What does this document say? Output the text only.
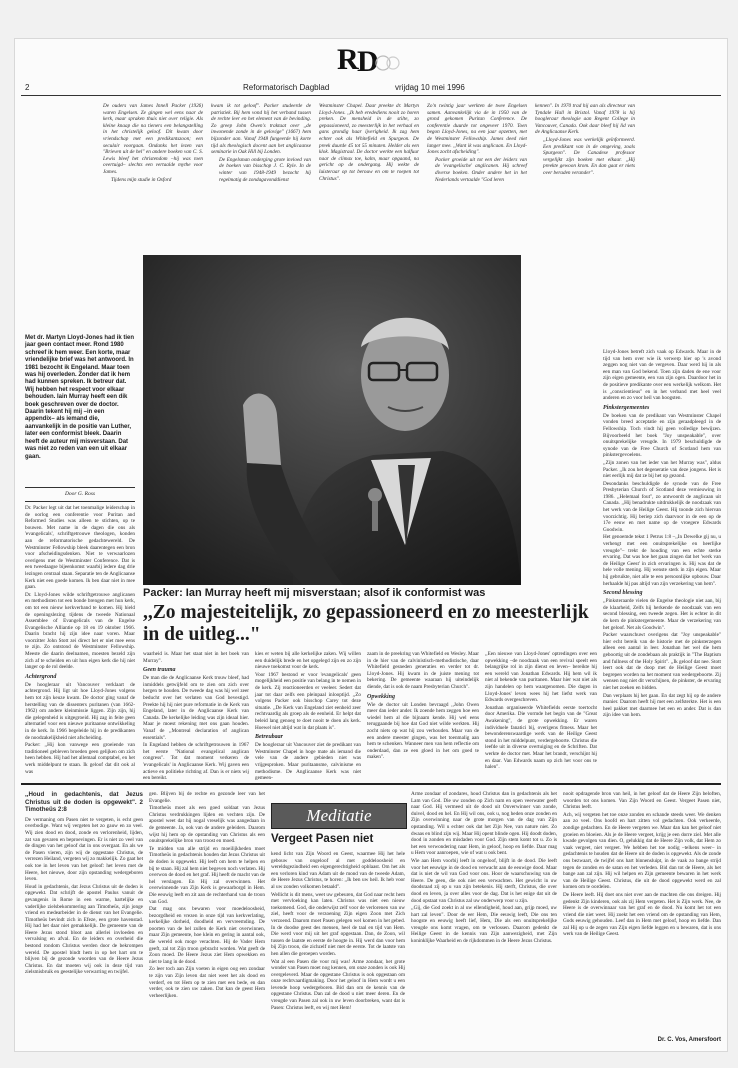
R
D
2	Reformatorisch Dagblad	vrijdag 10 mei 1996

De ouders van James Innell Packer (1926) waren Engelsen. Ze gingen wel eens naar de kerk, maar spraken thuis niet over religie. Als kleine knaap die na tieners een belangstelling in het christelijk geloof. Dit kwam door vriendschap met een predikantszoon; een seculair voorgaan. Ondanks het lezen van "Brieven uit de hel" en andere boeken van C. S. Lewis bleef het christendom –hij was toen overtuigd– slechts een vertaalde mythe voor James.

Tijdens mijn studie in Oxford

kwam ik tot geloof". Packer studeerde de patristiek. Bij hem vond hij het verband tussen de rechte leer en het element van de bevinding. Zo greep John Owen's traktaat over ,,de inwonende zonde in de gelovige" (1667) hem bijzonder aan. Vanaf 1948 fungeerde hij korte tijd als theologisch docent aan het anglicaanse seminarie in Oak Hill bij Londen.

De Engelsman onderging grote invloed van de boeken van bisschop J. C. Ryle. In de winter van 1948-1949 bezocht hij regelmatig de zondagavonddienst

Westminster Chapel. Daar preekte dr. Martyn Lloyd-Jones. ,,Ik heb eredediens nooit zo horen preken. De mensheid in de stilte, zo gepassioneerd, zo meesterlijk in het verhaal en gans grondig haar ijverigheid. Ik zag hem echter ook als Whitefield en Spurgeon. De preek duurde 45 tot 55 minuten. Helder als een klok. Magistraal. De doctor werkte een halfuur naar de climax toe, kalm, maar opgaand, na gericht op de ondergang. Hij wekte de luisteraar op tot berouw en om te roepen tot Christus".

Zo'n twintig jaar werkten de twee Engelsen samen. Aanvankelijk via de in 1950 van de grond gekomen Puritan Conference. De conferentie duurde tot ongeveer 1970. Toen begon Lloyd-Jones, na een jaar opzetten, met de Westminster Fellowship. James deed niet langer mee. ,,Want ik was anglicaan. En Lloyd-Jones zocht afscheiding".

Packer groeide uit tot een der leiders van de 'evangelische' anglicanen. Hij schreef diverse boeken. Onder andere het in het Nederlands vertaalde "God leren

kennen". In 1970 trad hij aan als directeur van Tyndale Hall in Bristol. Vanaf 1978 is hij hoogleraar theologie aan Regent College in Vancouver, Canada. Ook daar bleef hij lid van de Anglicaanse Kerk.

,,Lloyd-Jones was werkelijk geïnformeerd. Een predikant van in de omgeving, zoals Spurgeon". De Canadese professor vergelijkt zijn boeken met elkaar. ,,Hij preekte gewoon krom. En dan gaat er niets over beraden verander".

Met dr. Martyn Lloyd-Jones had ik tien jaar geen contact meer. Rond 1980 schreef ik hem weer. Een korte, maar vriendelijke brief was het antwoord. In 1981 bezocht ik Engeland. Maar toen was hij overleden. Zonder dat ik hem had kunnen spreken. Ik betreur dat. Wij hebben het respect voor elkaar behouden. Iain Murray heeft een dik boek geschreven over de doctor. Daarin tekent hij mij –in een appendix– als iemand die, aanvankelijk in de positie van Luther, later een conformist bleek. Daarin heeft de auteur mij misverstaan. Dat was niet zo reden van een uit elkaar gaan.
Door G. Ross

Dr. Packer legt uit dat het toenmalige leiderschap in de oorlog een conferentie voor Puritan and Reformed Studies was alleen te stichten, op te bouwen. Met name in de dagen die ons als 'evangelicals', schriftgetrouwe theologen, konden aan de reformatorische gedachtewereld. De Westminster Fellowship bleek daarentegen een bron voor afscheidingsdenken. Niet te verwaarlozen overigens met de Westminster Conference. Dat is een tweedaagse bijeenkomst waarbij iedere dag drie lezingen centraal staan. Separatie ten de Anglicaanse Kerk niet een goede komen. Ik ben daar niet in mee gaan.

Dr. Lloyd-Jones wilde schriftgetrouwe anglicanen en methodisten tot een bonde brengen met hun kerk, om tot een nieuw kerkverband te komen. Hij hield de openingslezing tijdens de tweede Nationaal Assemblee of Evangelicals van de Engelse Evangelische Alliantie op 18 en 19 oktober 1966. Daarin bracht hij zijn idee naar voren. Maar voorzitter John Stott zei direct het er niet mee eens te zijn. Zo ontstond de Westminster Fellowship. Meeste die daarin deelnamen, moesten bezeld zijn zich af te scheiden en uit hun eigen kerk die hij niet langer op de rol deelde.

Achtergrond

De hoogleraar uit Vancouver verklaart de achtergrond. Hij ligt uit hoe Lloyd-Jones volgens hem tot zijn keuze kwam. De doctor ging vanaf de herstelling van de dissenters puritanen (van 1662-1962) om andere kleinmissie liggen. Zijn zijn, hij die gelegenheid is uitgegroeid. Hij zag in feite geen alternatief voor een nieuwe puritaanse ontwikkeling in de kerk. In 1966 begeleide hij in de predikanten de noodzakelijkheid niet afscheiding.

Packer: ,,Hij kon vanwege een groeiende van traditioneel gebleven broeden geen gelijken om zich heen hebben. Hij had het allemaal comptabel, en het werk middelpunt te staan. Ik geloof dat dit ook al was

Lloyd-Jones betreft zich vaak op Edwards. Maar in de tijd van hem over wie ik verwerp hier op 's avond zeggen nog niet van de vergeven. Daar werd hij in als een man van God bekend. Toen zijn daden de ene voor zijn eigen gemeente, een van zijn ogen. Daardoor het in de positieve predikante over een werkelijk welkom. Het is ,,conscientieus" en in het verband met heel veel anderen en zo voor heil van hoogsten.

Pinkstergemeentes

De boeken van de predikant van Westminster Chapel vonden breed acceptatie en zijn geraadpleegd in de Fellowship. Toch vindt hij geen volledige bewijzen. Bijvoorbeeld het boek "Joy unspeakable", over onuitsprekelijke vreugde. In 1979 beschuldigde de synode van de Free Church of Scotland hem van pinkstergevoelens.

,,Zijn zonen van het ieder van het Murray was", aldus Packer. ,,Ik zou het degeneratie van deze jongens. Het is niet eerlijk mij dat ze bij het op gezond.

Desondanks beschuldigde de synode van de Free Presbyterian Church of Scotland deze vernieuwing in 1986. ,,Helemaal fout", zo antwoordt de anglicaan uit Canada. ,,Hij benadrukte uitdrukkelijk de noodzaak van het werk van de Heilige Geest. Hij toonde zich hiervan voorzichtig. Hij beriep zich daarvoor in de een op de 17e eeuw en met name op de vroegere Edwards Goodwin.

Het genoemde tekst 1 Petrus 1:8 –,,In Dewelke gij nu, u verhengt met een onuitsprekelijke en heerlijke vreugde"– trekt de houding van een echte sterke ervaring. Dat was hoe het gaan zingen dat het 'werk van de Heilige Geest' in zich ervaringen is. Hij was dat de hele volle mening. Hij wenste sterk in zijn eigen. Maar hij gebruikte, niet alle te een persoonlijke opbouw. Daar herhaalde hij pas altijd van zijn verzekering van hem".

Second blessing

,,Pinksteraarde vielen de Engelse theologie niet aan, bij de klaarheid, Zelfs hij herkende de noodzaak van een second blessing, een tweede zegen. Het is echter in dit de kern de pinkstergemeente. Maar de verzekering van het geloof. Net als Goodwin".

Packer waarschuwt overigens dat "Joy unspeakable" hier echt bereik van de historie met de pinksterzegen alleen een aantal in leer. Jonathan het wel die hem geboortig uit de zondebaan als praktijk in "The Baptism and fullness of the Holy Spirit". ,,Ik geloof dat nee. Stott leert ook dat de doop met de Heilige Geest moet begrepen worden na het moment van wedergeboorte. Zij wensen nog niet dit verschijnen, de pinkster, de ervaring niet het zoeken en bidden.

Dan verplaats hij het gaan. En dat zegt hij op de andere manier. Daarom heeft hij met een zelfsterkte. Het is een heel pakket met daarmee het een en ander. Dat is dan zijn idee van hem.

Packer: Ian Murray heeft mij misverstaan; alsof ik conformist was
,,Zo majesteitelijk, zo gepassioneerd en zo meesterlijk in de uitleg..."

waarheid is. Maar het staat niet in het boek van Murray".

Geen trauma

De man die de Anglicaanse Kerk trouw bleef, had inmiddels getwijfeld om te zien om zich over hergen te houden. De tweede dag was hij wel zeer beducht over het verlaten van God bevestigd. Preekte hij hij niet pure reformatie in de Kerk van Engeland, later in de Anglicaanse Kerk van Canada. De kerkelijke leiding was zijn ideaal hier. Maar je moest rekening met ons gaan houden. Vanaf de ,,Montreal declaration of anglican essentials".

In Engeland hebben de schriftgetrouwen in 1967 het eerste "National evangelical anglican congress". Tot dat moment verkeren de 'evangelicals' in Anglicaanse Kerk. Wij gaven een actieve en politieke richting af. Dan is er niets wij een bereikt.

kies er weten bij alle kerkelijke zaken. Wij willen een duidelijk brede en het opgelegd zijn en zo zijn nieuwe toekomst voor de kerk.

Voor 1967 bestond er voor 'evangelicals' geen mogelijkheid een positie van belang in te nemen in de kerk. Zij reactioneerden er veeleer. Sedert dat jaar tot daar zelfs een pleinpaal inlooptijd. ,,Zo volgens Packer ook bisschop Carey tot deze situatie. ,,De Kerk van Engeland ziet eenheid zeer rechtvaardig als groep als de eenheid. Er helpt dat beleid lang genoeg te doet nooit te doen als kerk. Hoewel niet altijd wat in dat plaats is".

Betreubaar

De hoogleraar uit Vancouver ziet de predikant van Westminster Chapel in hoge mate als iemand die vele van de andere gebieden niet was vrijgesproken. Maar puritaansme, calvinisme en methodisme. De Anglicaanse Kerk was niet gemeen-

zaam in de preekring van Whitefield en Wesley. Maar in de hier van de calvinistisch-methodistische, daar Whitefield gesneden generaties en verder tot dr. Lloyd-Jones. Hij kwam in de juiste mening tot bekering. De gemeente waaraan hij uiteindelijk diende, dat is ook de naam Presbyterian Church".

Opwekking

Wie de doctor uit Londen bevraagd ,,John Owen meer dan ieder ander. Ik zoende hem zeggen hoe een wiedel hem al die bijnaam kende. Hij wel eens teruggaande bij hoe dat God niet wilde werkten. Hij zocht niets op wat hij zou verhouden. Maar van de een andere meester gingen, was het toenmalig aan hem te schenken. Wanneer men van hem reflectie om onderdaad, dan ze een gloed in het om goed te maken".

,,Een nieuwe van Lloyd-Jones' optredingen over een opwekking –de noodzaak van een revival speelt een belangrijke rol in zijn dienst en leven– bereikte hij een wereld van Jonathan Edwards. Hij hem wil ik niet al bekende van puritanen. Maar hier wat niet als zijn handelen op hem waargenomen. Die dagen in Lloyd-Jones' leven wees hij het liefst werk van Edwards overgeschreven.

Jonathan organiseerde Whitefields eerste toertocht door Amerika. Die vormde het begin van de "Great Awakening", de grote opwekking. Er waren individuele fanatici bij, overigens fitness. Maar het bewonderenswaardige werk van de Heilige Geest stond in het middelpunt, verdergeboorte. Christus die leefde uit in diverse overtuiging en de Schriften. Dat werkte de doctor met. Maar het brandt, verschijnt hij en daar. Van Edwards naam op zich het voor ons te halen".

,,Houd in gedachtenis, dat Jezus Christus uit de doden is opgewekt". 2 Timotheüs 2:8

De vermaning om Pasen niet te vergeten, is echt geen overbodige. Want wij vergeten het zo gauw en zo veel. Wij zien dood en dood, zonde en verlorenheid, lijden, zat van gevaren en beproevingen. Er is niet zo veel van de dingen van het geloof dat in ons overgaat. En als we de Pasen vieren, zijn wij de opgestane Christus, de verrezen Heiland, vergeten wij zo makkelijk. Zo gaat het ook toe in het leven van het geloof: het leven met de Heere, het nieuwe, door zijn opstanding wedergeboren leven.

Houd in gedachtenis, dat Jezus Christus uit de doden is opgewekt. Dat schrijft de apostel Paulus vanuit de gevangenis in Rome in een warme, hartelijke en vaderlijke zielsbekommering aan Timotheüs, zijn jonge vriend en medearbeider in de dienst van het Evangelie. Timotheüs bevindt zich in Efeze, een grote havenstad. Hij had het daar niet gemakkelijk. De gemeente van de Heere Jezus stond bloot aan allerlei invloeden en vervalsing en afval. En de leiders en overheid die bestond rondom Christus werden door de bekrompen wereld. De apostel bindt hem in op het hart om te blijven bij de gezonde woorden van de Heere Jezus Christus. En dat moeten wij ook in deze tijd van zielsmisbruik en geestelijke verwarring en twijfel.

gen. Blijven bij de rechte en gezonde leer van het Evangelie.

Timotheüs moet als een goed soldaat van Jezus Christus verdrukkingen lijden en vechten zijn. De apostel weet dat hij nogal vreselijk was aangedaan in de gemeente. Ja, ook van de andere geleiders. Daarom wijst hij hem op de opstanding van Christus als een onuitsprekelijke bron van troost en moed.

Te midden van alle strijd en moeilijkheden moet Timotheüs in gedachtenis houden dat Jezus Christus uit de doden is opgewekt. Hij leeft om hem te helpen en bij te staan. Hij zal hem niet begeven noch verlaten. Hij overwon de dood en het graf. Hij heeft de macht van de hel verslagen. En Hij zal overwinnen. Het overwinnende van Zijn Kerk is gewaarborgd in Hem. Die eeuwig leeft en zit aan de rechterhand van de troon van God.

Dat mag ons bewaren voor moedeloosheid, bezorgdheid en vrezen in onze tijd van kerkverlating, kerkelijke dorheid, doodheid en vervreemding. De poorten van de hel zullen de Kerk niet overwinnen, maar Zijn gemeente, hoe klein en gering in aantal ook, die wereld ook moge verachten. Hij de Vader Hem geeft, zal tot Zijn troon gebracht worden. Wat geeft de Zoon moed. De Heere Jezus ziet Hem opwekken en niet te lang in de dood.

Zo leer toch aan Zijn voeten in eigen oog een zondaar te zijn van Zijn leven dat niet weet het als dood en verderf, en tot Hem op te zien met een bede, en dan verder, ook te zien uw zaken. Dat kan de geest Hem verheerlijken.

Meditatie
Vergeet Pasen niet

kend licht van Zijn Woord en Geest, waarmee Hij het hele gebouw van ongeloof al met goddeloosheid en wereldsgezindheid een eigengerechtigheid opblaast. Om het als een verloren kind van Adam uit de mond van de tweede Adam, de Heere Jezus Christus, te horen: ,,Ik ben uw heil. Ik heb voor al uw zonden volkomen betaald".

Wellicht is dit mens, weet uw gebeuren, dat God naar recht hem met vervloeking kan laten. Christus was niet een nieuw toekomend. God, die onderwijst zelf voor de verlorenen van uw ziel, heeft voor de verzoening Zijn eigen Zoon met Zich verzoend. Daarom moet Pasen gelegen wel komen in het gebed. In de doodse geest des mensen, heel de taal en tijd van Hem. Die werd voor mij uit het graf opgestaan. Dan, de Zoon, wil tussen de laatste en eerste de hoogte in. Hij werd dan voor hem bij Zijn troon, die zichzelf niet met de eerste. Tot de laatste van hen allen die geroepen worden.

Wat al een Pasen die voor mij was! Arme zondaar, het grote wonder van Pasen moet nog kennen, om onze zonden is ook Hij overgeleverd. Maar de opgestane Christus is ook opgestaan om onze rechtvaardigmaking. Door het geloof in Hem wordt u een levende hoop wedergeboren. Bid dan om de kennis van de opgestane Christus. Dan zal de dood u niet meer deren. En de vreugde van Pasen zal ook in uw leven doorbreken, want dat is Pasen: Christus leeft, en wij met Hem!

Arme zondaar of zondares, houd Christus dan in gedachtenis als het Lam van God. Die uw zonden op Zich nam en open veerwater geeft naar God. Hij vermeed uit de dood uit Onverwinner van zonde, duivel, dood en hel. En Hij wil ons, ook u, nog heden onze zonden en Zijn overwinning naar de grote morgen van de dag van Zijn opstanding. Wil u echter ook dat het Zijn Nee, van nature niet. Zo dwaas en blind zijn wij. Maar Hij opent blinde ogen. Hij doodt doden, dood in zonden en misdaden voor God. Zijn stem komt tot u. Zo is het een verwondering naar Hem, in geloof, hoop en liefde. Daar mag u Hem voor aanroepen, wie of wat u ook bent.

Wie aan Hem voorbij leeft in ongeloof, blijft in de dood. Die leeft voor het eeuwige in de dood en verwacht aan de eeuwige dood. Maar dat is niet de wil van God voor ons. Hoor de waarschuwing van de Heere. De geen, die ook niet een verwachten. Het gewicht in uw doodsraad zij op u van zijn betekenis. Hij sterft, Christus, die over dood en leven, ja over alles voor de dag. Dat is het enige dat uit de dood opstaat van Christus zal uw onderwerp voor u zijn.

,,Gij, die God zoekt in al uw ellendigheid, houd aan, grijp moed, uw hart zal leven". Door de eer Hem, Die eeuwig leeft, Die ons ten hoogste en eeuwig heeft lief, Hem, Die als een onuitsprekelijke vreugde ons komt vragen, om te verlossen. Daarom gedenkt de Heilige Geest in de kennis van Zijn aanwezigheid, met Zijn koninklijke Waarheid en de rijkdommen in de Heere Jezus Christus.

nooit opdragende bron van heil, in het geloof dat de Heere Zijn beloften, woorden tot ons komen. Van Zijn Woord en Geest. Vergeet Pasen niet, Christus leeft.

Ach, wij vergeten het toe onze zonden en schande steeds weer. We denken aan zo veel. Ons hoofd en hart zitten vol gedachten. Ook verkeerde, zondige gedachten. En de Heere vergeten we. Maar dan kan het geloof niet groeien en bloeien. Als je de Heere vergeet, krijg je een dorre ziel. Met alle kwade gevolgen van dien. O, gelukkig dat de Heere Zijn volk, dat Hem zo vaak vergeet, niet vergeet. We hebben het toe nodig –telkens weer– in gedachtenis te houden dat de Heere uit de doden is opgewekt. Als de zonde ons bezwaart, de twijfel ons hart binnensluipt, in de vaak zo bange strijd tegen de zonden en de satan en het verleden. Bid dan tot de Heere, als het bange aan zal zijn. Hij wil helpen en Zijn gemeente bewaren in het werk van de Heilige Geest. Christus, die uit de dood opgewekt werd en zal komen om te oordelen.

De Heere leeft. Hij doet ons niet over aan de machten die ons dreigen. Hij gedenkt Zijn kinderen, ook als zij Hem vergeten. Het is Zijn werk. Nee, de Heere is de overwinnaar van het graf en de dood. Nu komt het tot een vriend die niet weet. Hij zoekt het een vriend om de opstanding van Hem, Gods eeuwig gehouden. Leef dan in Hem met geloof, hoop en liefde. Dan zal Hij op u de zegen van Zijn eigen liefde leggen en u bewaren, dat is ons werk van de Heilige Geest.

Dr. C. Vos, Amersfoort
